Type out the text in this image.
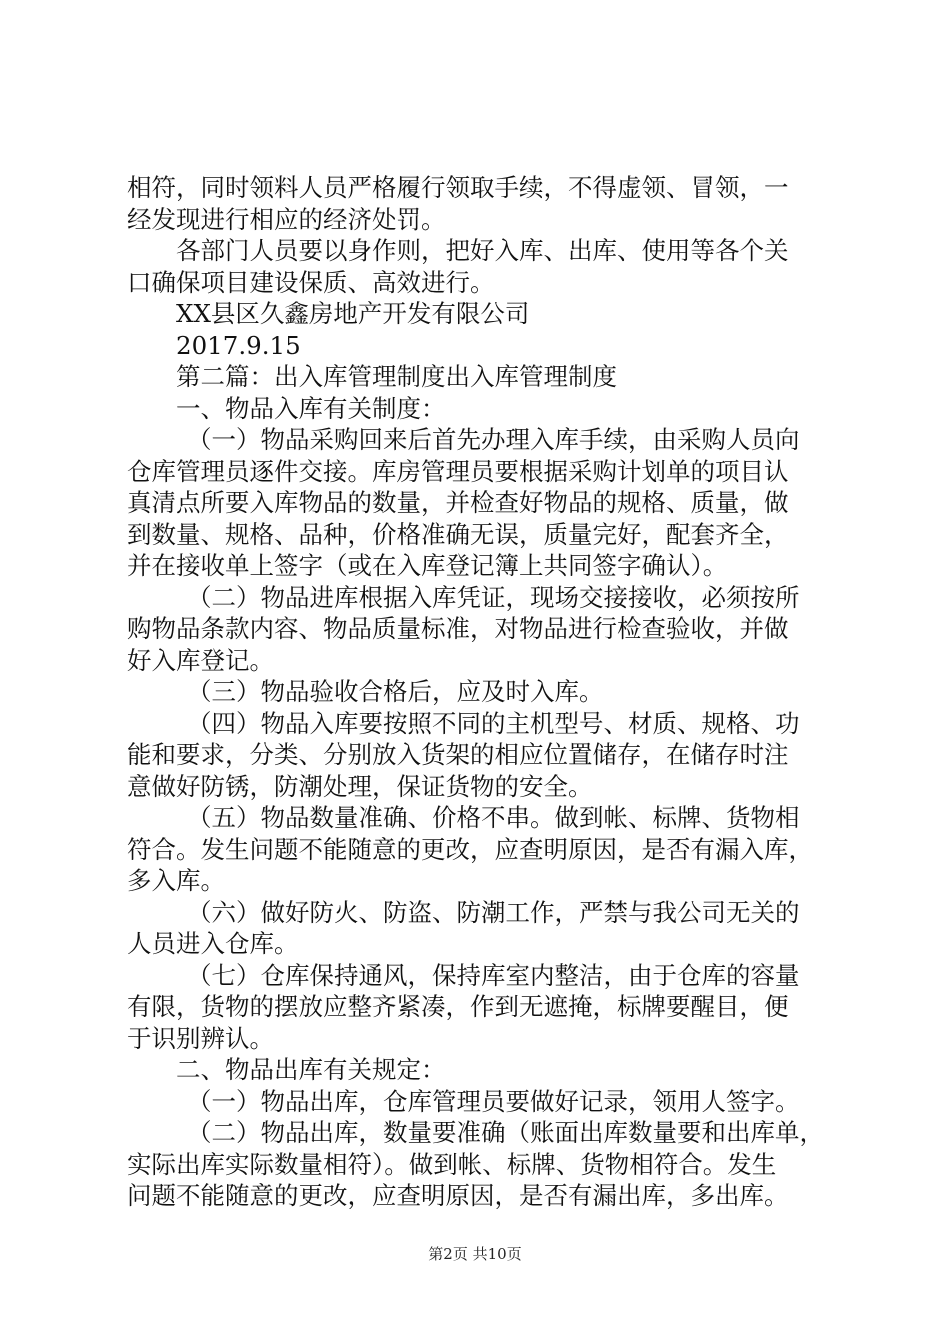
相符，同时领料人员严格履行领取手续，不得虚领、冒领，一
经发现进行相应的经济处罚。
各部门人员要以身作则，把好入库、出库、使用等各个关
口确保项目建设保质、高效进行。
XX县区久鑫房地产开发有限公司
2017.9.15
第二篇：出入库管理制度出入库管理制度
一、物品入库有关制度：
（一）物品采购回来后首先办理入库手续，由采购人员向
仓库管理员逐件交接。库房管理员要根据采购计划单的项目认
真清点所要入库物品的数量，并检查好物品的规格、质量，做
到数量、规格、品种，价格准确无误，质量完好，配套齐全，
并在接收单上签字（或在入库登记簿上共同签字确认）。
（二）物品进库根据入库凭证，现场交接接收，必须按所
购物品条款内容、物品质量标准，对物品进行检查验收，并做
好入库登记。
（三）物品验收合格后，应及时入库。
（四）物品入库要按照不同的主机型号、材质、规格、功
能和要求，分类、分别放入货架的相应位置储存，在储存时注
意做好防锈，防潮处理，保证货物的安全。
（五）物品数量准确、价格不串。做到帐、标牌、货物相
符合。发生问题不能随意的更改，应查明原因，是否有漏入库，
多入库。
（六）做好防火、防盗、防潮工作，严禁与我公司无关的
人员进入仓库。
（七）仓库保持通风，保持库室内整洁，由于仓库的容量
有限，货物的摆放应整齐紧凑，作到无遮掩，标牌要醒目，便
于识别辨认。
二、物品出库有关规定：
（一）物品出库，仓库管理员要做好记录，领用人签字。
（二）物品出库，数量要准确（账面出库数量要和出库单，
实际出库实际数量相符）。做到帐、标牌、货物相符合。发生
问题不能随意的更改，应查明原因，是否有漏出库，多出库。
第2页 共10页
